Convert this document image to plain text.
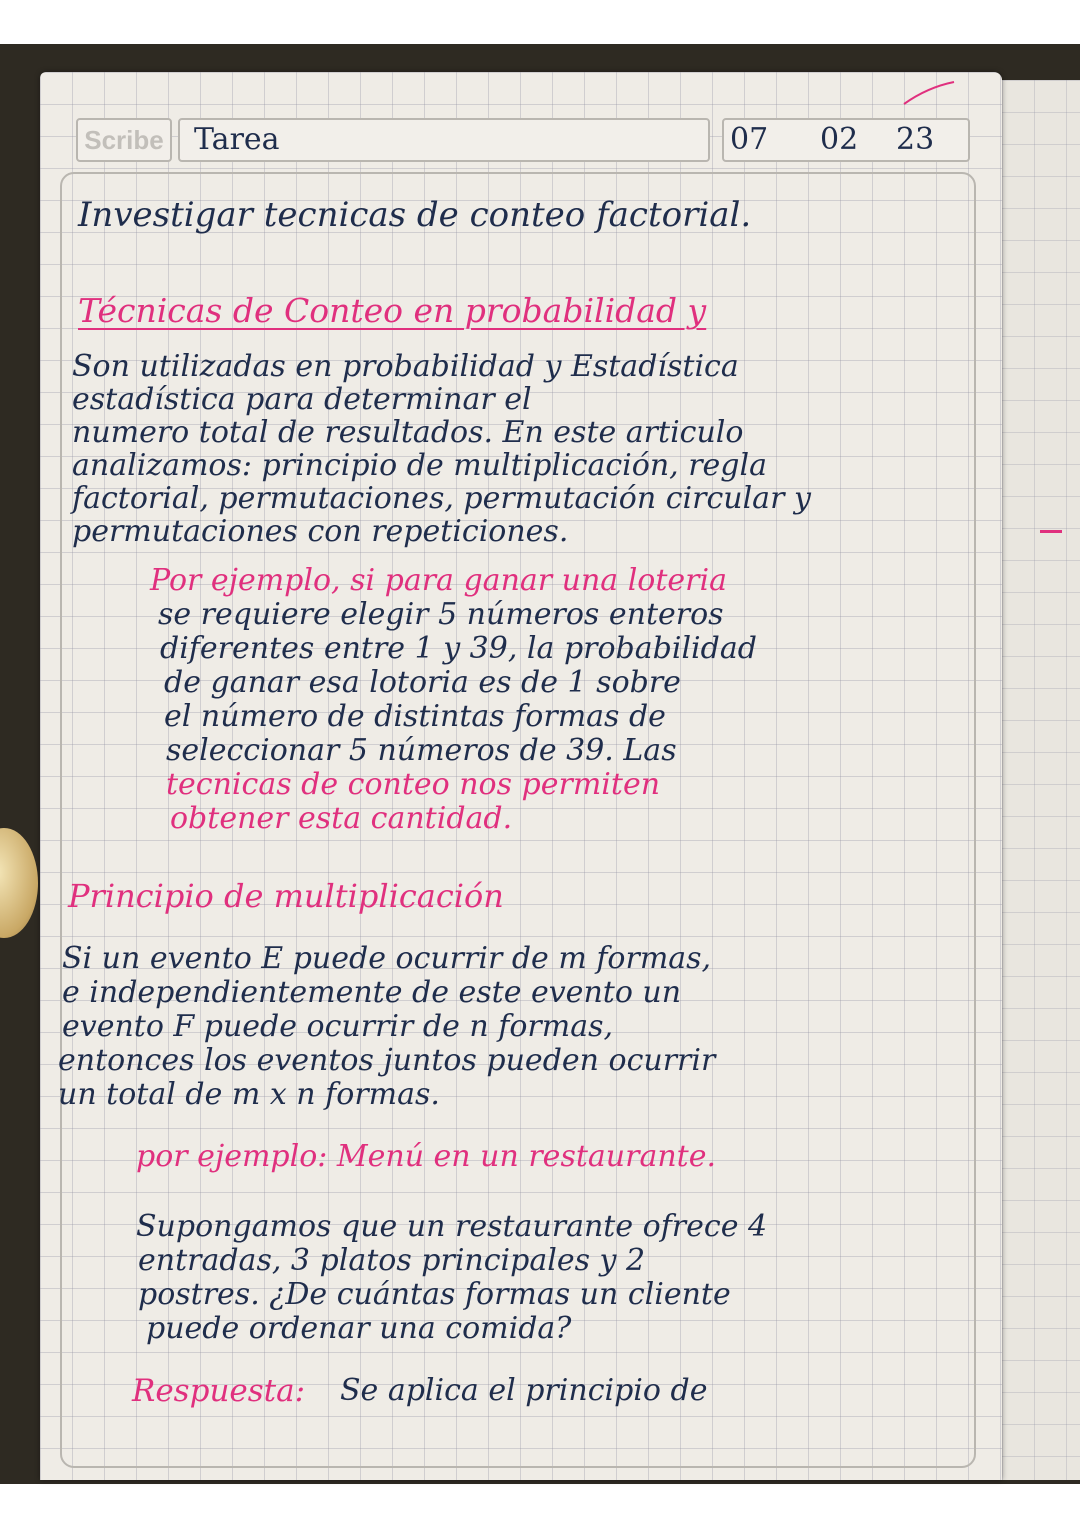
Scribe Tarea	07 02 23
Investigar tecnicas de conteo factorial.
Técnicas de Conteo en probabilidad y
Son utilizadas en probabilidad y Estadística
estadística para determinar el
numero total de resultados. En este articulo
analizamos: principio de multiplicación, regla
factorial, permutaciones, permutación circular y
permutaciones con repeticiones.
Por ejemplo, si para ganar una loteria
se requiere elegir 5 números enteros
diferentes entre 1 y 39, la probabilidad
de ganar esa lotoria es de 1 sobre
el número de distintas formas de
seleccionar 5 números de 39. Las
tecnicas de conteo nos permiten
obtener esta cantidad.
Principio de multiplicación
Si un evento E puede ocurrir de m formas,
e independientemente de este evento un
evento F puede ocurrir de n formas,
entonces los eventos juntos pueden ocurrir
un total de m x n formas.
por ejemplo: Menú en un restaurante.
Supongamos que un restaurante ofrece 4
entradas, 3 platos principales y 2
postres. ¿De cuántas formas un cliente
puede ordenar una comida?
Respuesta: Se aplica el principio de
